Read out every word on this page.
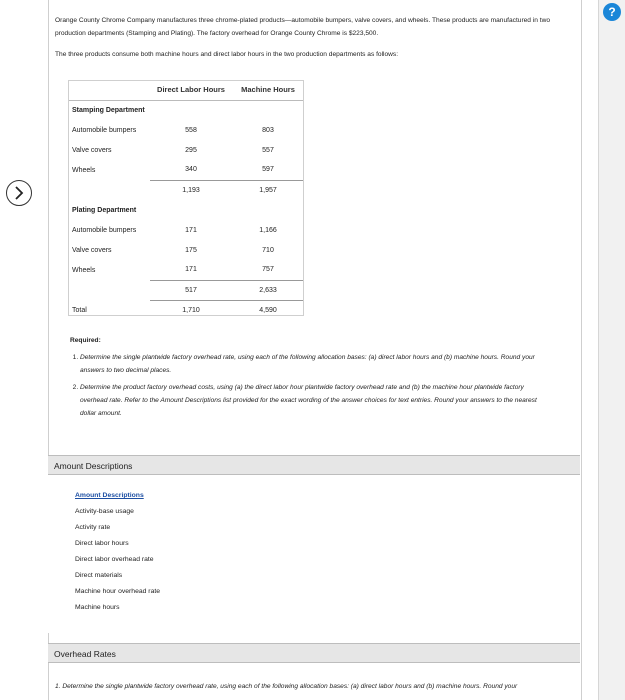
?

Orange County Chrome Company manufactures three chrome-plated products—automobile bumpers, valve covers, and wheels. These products are manufactured in two production departments (Stamping and Plating). The factory overhead for Orange County Chrome is $223,500.

The three products consume both machine hours and direct labor hours in the two production departments as follows:

	Direct Labor Hours	Machine Hours
Stamping Department		
Automobile bumpers	558	803
Valve covers	295	557
Wheels	340	597
	1,193	1,957
Plating Department		
Automobile bumpers	171	1,166
Valve covers	175	710
Wheels	171	757
	517	2,633
Total	1,710	4,590
Required:
1. Determine the single plantwide factory overhead rate, using each of the following allocation bases: (a) direct labor hours and (b) machine hours. Round your answers to two decimal places.
2. Determine the product factory overhead costs, using (a) the direct labor hour plantwide factory overhead rate and (b) the machine hour plantwide factory overhead rate. Refer to the Amount Descriptions list provided for the exact wording of the answer choices for text entries. Round your answers to the nearest dollar amount.
Amount Descriptions
Amount Descriptions
Activity-base usage
Activity rate
Direct labor hours
Direct labor overhead rate
Direct materials
Machine hour overhead rate
Machine hours
Overhead Rates
1. Determine the single plantwide factory overhead rate, using each of the following allocation bases: (a) direct labor hours and (b) machine hours. Round your
